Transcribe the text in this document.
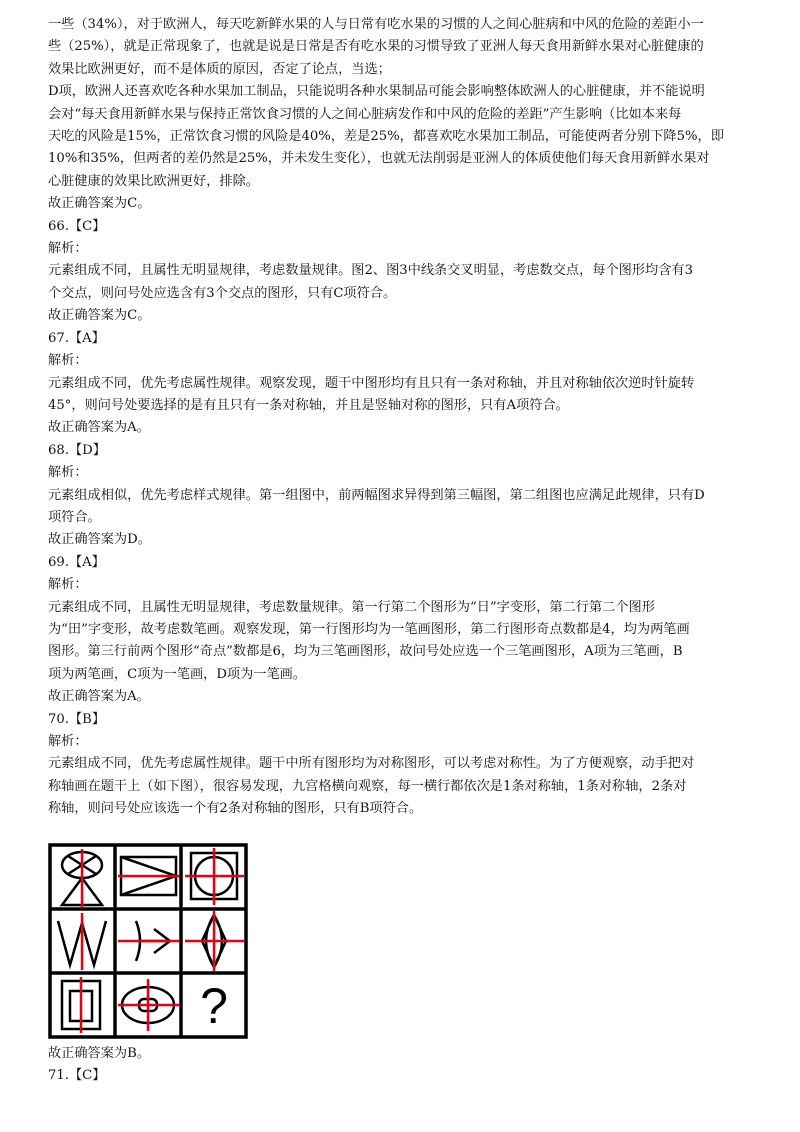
一些（34%），对于欧洲人，每天吃新鲜水果的人与日常有吃水果的习惯的人之间心脏病和中风的危险的差距小一
些（25%），就是正常现象了，也就是说是日常是否有吃水果的习惯导致了亚洲人每天食用新鲜水果对心脏健康的
效果比欧洲更好，而不是体质的原因，否定了论点，当选；
D项，欧洲人还喜欢吃各种水果加工制品，只能说明各种水果制品可能会影响整体欧洲人的心脏健康，并不能说明
会对“每天食用新鲜水果与保持正常饮食习惯的人之间心脏病发作和中风的危险的差距”产生影响（比如本来每
天吃的风险是15%，正常饮食习惯的风险是40%，差是25%，都喜欢吃水果加工制品，可能使两者分别下降5%，即
10%和35%，但两者的差仍然是25%，并未发生变化），也就无法削弱是亚洲人的体质使他们每天食用新鲜水果对
心脏健康的效果比欧洲更好，排除。
故正确答案为C。
66.【C】
解析：
元素组成不同，且属性无明显规律，考虑数量规律。图2、图3中线条交叉明显，考虑数交点，每个图形均含有3
个交点，则问号处应选含有3个交点的图形，只有C项符合。
故正确答案为C。
67.【A】
解析：
元素组成不同，优先考虑属性规律。观察发现，题干中图形均有且只有一条对称轴，并且对称轴依次逆时针旋转
45°，则问号处要选择的是有且只有一条对称轴，并且是竖轴对称的图形，只有A项符合。
故正确答案为A。
68.【D】
解析：
元素组成相似，优先考虑样式规律。第一组图中，前两幅图求异得到第三幅图，第二组图也应满足此规律，只有D
项符合。
故正确答案为D。
69.【A】
解析：
元素组成不同，且属性无明显规律，考虑数量规律。第一行第二个图形为“日”字变形，第二行第二个图形
为“田”字变形，故考虑数笔画。观察发现，第一行图形均为一笔画图形，第二行图形奇点数都是4，均为两笔画
图形。第三行前两个图形“奇点”数都是6，均为三笔画图形，故问号处应选一个三笔画图形，A项为三笔画，B
项为两笔画，C项为一笔画，D项为一笔画。
故正确答案为A。
70.【B】
解析：
元素组成不同，优先考虑属性规律。题干中所有图形均为对称图形，可以考虑对称性。为了方便观察，动手把对
称轴画在题干上（如下图），很容易发现，九宫格横向观察，每一横行都依次是1条对称轴，1条对称轴，2条对
称轴，则问号处应该选一个有2条对称轴的图形，只有B项符合。
?
故正确答案为B。
71.【C】
